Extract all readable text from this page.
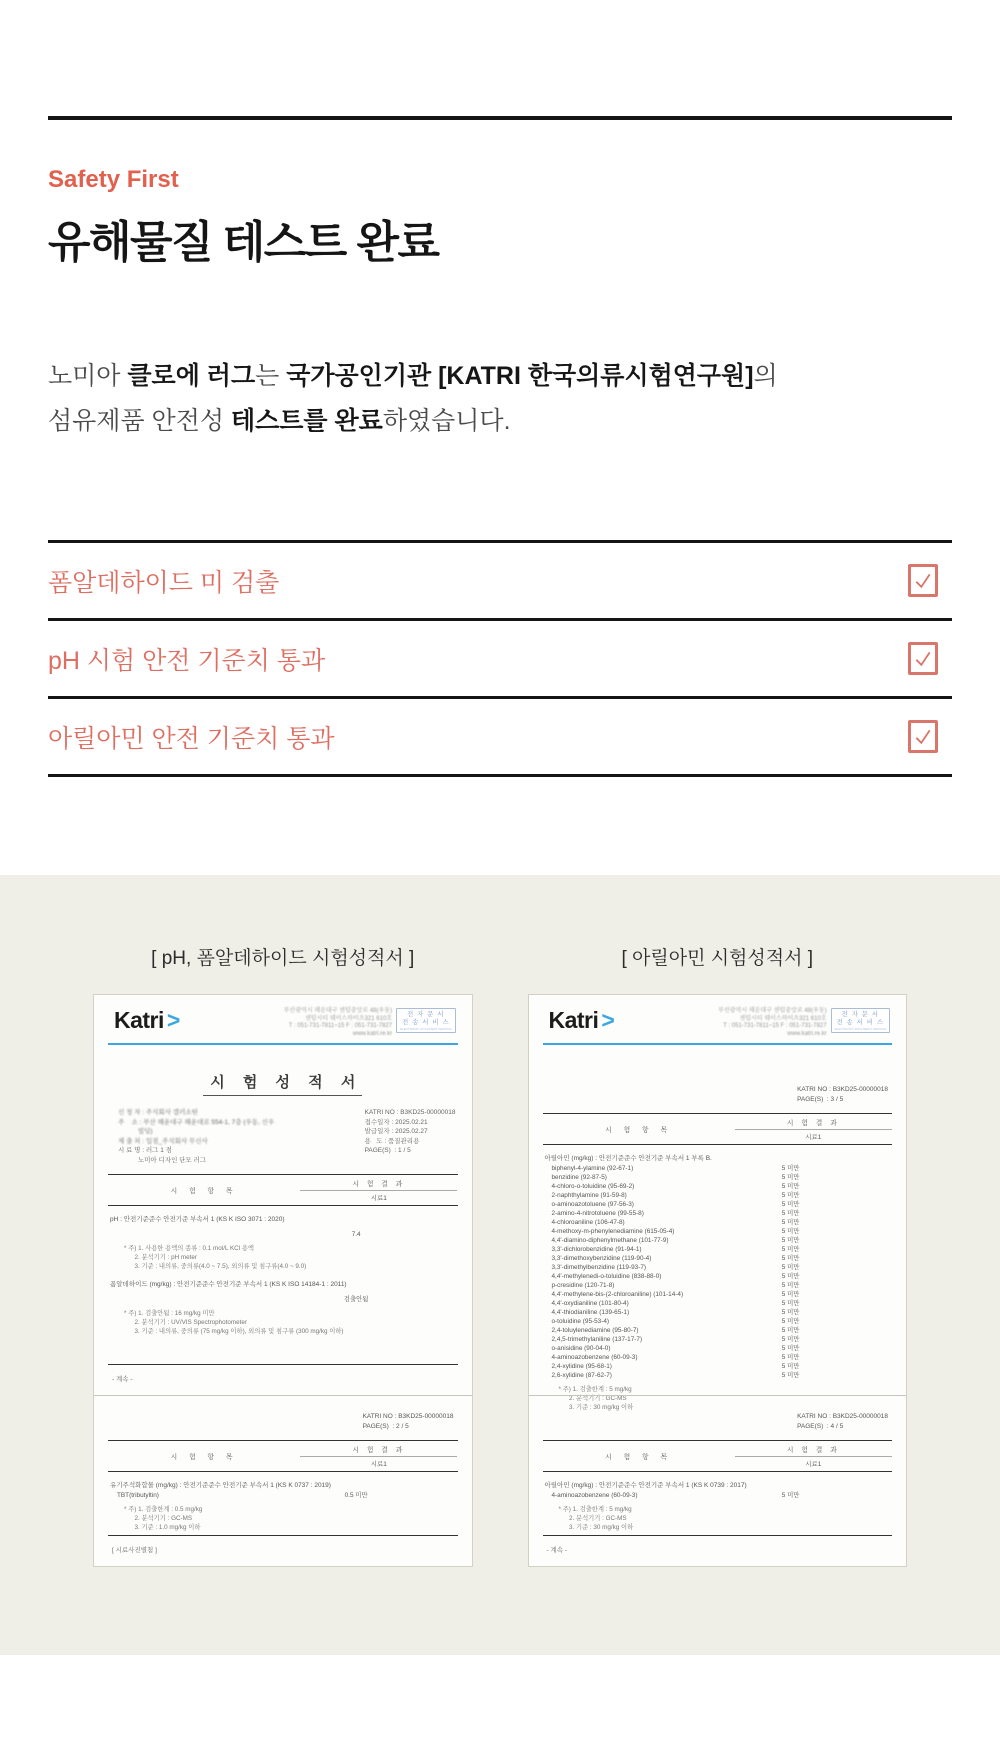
Safety First
유해물질 테스트 완료
노미아 클로에 러그는 국가공인기관 [KATRI 한국의류시험연구원]의
섬유제품 안전성 테스트를 완료하였습니다.
폼알데하이드 미 검출
pH 시험 안전 기준치 통과
아릴아민 안전 기준치 통과
[ pH, 폼알데하이드 시험성적서 ]
Katri >	부산광역시 해운대구 센텀중앙로 48(우동)
센텀시티 웨이스하이츠321 610호
T : 051-731-7811~15 F : 051-731-7827
www.katri.re.kr
전 자 문 서
전 송 서 비 스
ELECTRONIC DOCUMENT SERVICE
시 험 성 적 서
신 청 자 : 주식회사 갤러소틴
주    소 : 부산 해운대구 해운대로 554-1, 7층 (우동, 신우
빌딩)
제 출 처 : 입점_주식회사 무신사
시 료 명 : 러그 1 점
노미아 디자인 단모 러그
KATRI NO : B3KD25-00000018
접수일자 : 2025.02.21
발급일자 : 2025.02.27
용   도 : 품질관리용
PAGE(S)  : 1 / 5
시 험 항 목
시 험 결 과
시료1
pH : 안전기준준수 안전기준 부속서 1 (KS K ISO 3071 : 2020)
7.4
* 주) 1. 사용한 용액의 종류 : 0.1 mol/L KCl 용액
2. 분석기기 : pH meter
3. 기준 : 내의류, 중의류(4.0 ~ 7.5), 외의류 및 침구류(4.0 ~ 9.0)
폼알데하이드 (mg/kg) : 안전기준준수 안전기준 부속서 1 (KS K ISO 14184-1 : 2011)
검출안됨
* 주) 1. 검출안됨 : 16 mg/kg 미만
2. 분석기기 : UV/VIS Spectrophotometer
3. 기준 : 내의류, 중의류 (75 mg/kg 이하), 외의류 및 침구류 (300 mg/kg 이하)
- 계속 -
KATRI NO : B3KD25-00000018
PAGE(S)  : 2 / 5
시 험 항 목
시 험 결 과
시료1
유기주석화합물 (mg/kg) : 안전기준준수 안전기준 부속서 1 (KS K 0737 : 2019)
TBT(tributyltin)	0.5 미만
* 주) 1. 검출한계 : 0.5 mg/kg
2. 분석기기 : GC-MS
3. 기준 : 1.0 mg/kg 이하
[ 시료사진별첨 ]
[ 아릴아민 시험성적서 ]
Katri >	부산광역시 해운대구 센텀중앙로 48(우동)
센텀시티 웨이스하이츠321 610호
T : 051-731-7811~15 F : 051-731-7827
www.katri.re.kr
전 자 문 서
전 송 서 비 스
ELECTRONIC DOCUMENT SERVICE
KATRI NO : B3KD25-00000018
PAGE(S)  : 3 / 5
시 험 항 목
시 험 결 과
시료1
아릴아민 (mg/kg) : 안전기준준수 안전기준 부속서 1 부록 B.
biphenyl-4-ylamine (92-67-1)	5 미만
benzidine (92-87-5)	5 미만
4-chloro-o-toluidine (95-69-2)	5 미만
2-naphthylamine (91-59-8)	5 미만
o-aminoazotoluene (97-56-3)	5 미만
2-amino-4-nitrotoluene (99-55-8)	5 미만
4-chloroaniline (106-47-8)	5 미만
4-methoxy-m-phenylenediamine (615-05-4)	5 미만
4,4'-diamino-diphenylmethane (101-77-9)	5 미만
3,3'-dichlorobenzidine (91-94-1)	5 미만
3,3'-dimethoxybenzidine (119-90-4)	5 미만
3,3'-dimethylbenzidine (119-93-7)	5 미만
4,4'-methylenedi-o-toluidine (838-88-0)	5 미만
p-cresidine (120-71-8)	5 미만
4,4'-methylene-bis-(2-chloroaniline) (101-14-4)	5 미만
4,4'-oxydianiline (101-80-4)	5 미만
4,4'-thiodianiline (139-65-1)	5 미만
o-toluidine (95-53-4)	5 미만
2,4-toluylenediamine (95-80-7)	5 미만
2,4,5-trimethylaniline (137-17-7)	5 미만
o-anisidine (90-04-0)	5 미만
4-aminoazobenzene (60-09-3)	5 미만
2,4-xylidine (95-68-1)	5 미만
2,6-xylidine (87-62-7)	5 미만
* 주) 1. 검출한계 : 5 mg/kg
2. 분석기기 : GC-MS
3. 기준 : 30 mg/kg 이하
KATRI NO : B3KD25-00000018
PAGE(S)  : 4 / 5
시 험 항 목
시 험 결 과
시료1
아릴아민 (mg/kg) : 안전기준준수 안전기준 부속서 1 (KS K 0739 : 2017)
4-aminoazobenzene (60-09-3)	5 미만
* 주) 1. 검출한계 : 5 mg/kg
2. 분석기기 : GC-MS
3. 기준 : 30 mg/kg 이하
- 계속 -
